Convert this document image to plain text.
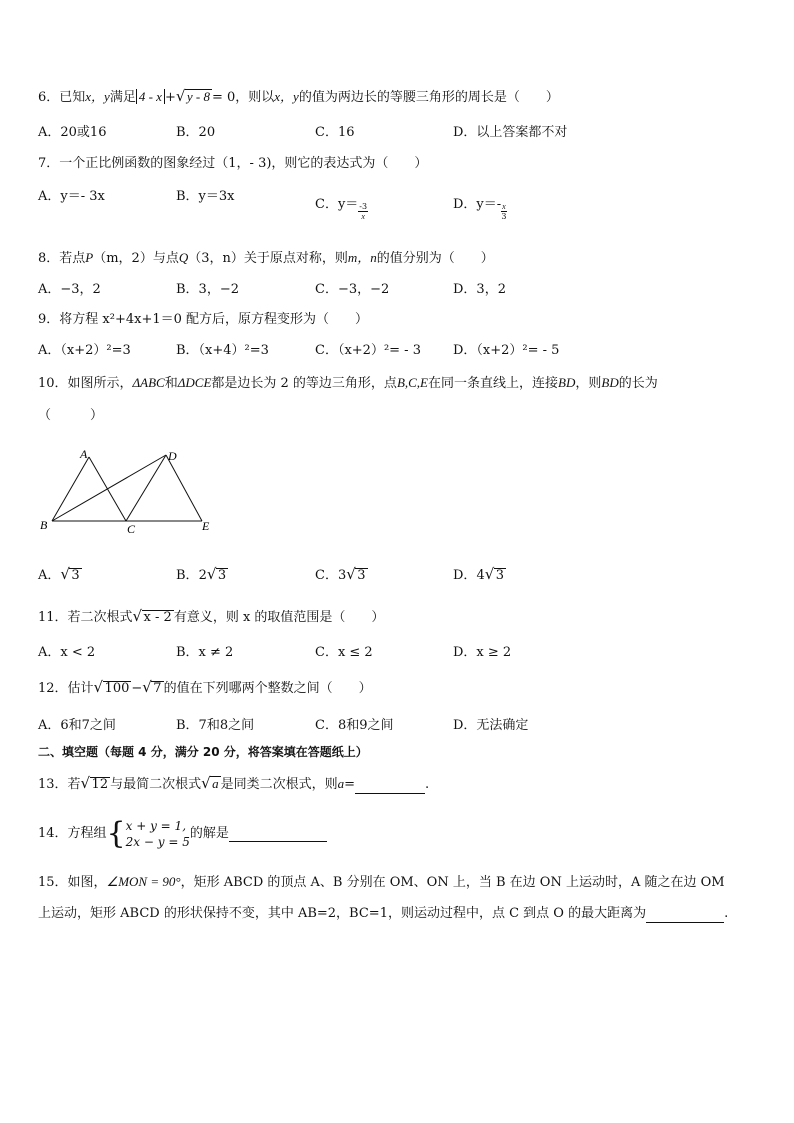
6．已知x，y满足 4 - x + √ y - 8 = 0，则以x，y的值为两边长的等腰三角形的周长是（　　）
A．20或16	B．20	C．16	D．以上答案都不对
7．一个正比例函数的图象经过（1，- 3)，则它的表达式为（　　）
A．y＝- 3x	B．y＝3x
C．$y= \frac{-3}{x}$	D．$y=- \frac{x}{3}$
8．若点P（m，2）与点Q（3，n）关于原点对称，则m，n的值分别为（　　）
A．−3，2	B．3，−2	C．−3，−2	D．3，2
9．将方程 x²+4x+1＝0 配方后，原方程变形为（　　）
A．（x+2）²=3	B．（x+4）²=3	C．（x+2）²= - 3 D．（x+2）²= - 5
10．如图所示，ΔABC和ΔDCE都是边长为 2 的等边三角形，点B,C,E在同一条直线上，连接BD，则BD的长为
（　　　）
A
B	C
D
E
A． √ 3	B．2 √ 3	C．3 √ 3	D．4 √ 3
11．若二次根式 √ x - 2 有意义，则 x 的取值范围是（　　）
A．x < 2	B．x ≠ 2	C．x ≤ 2	D．x ≥ 2
12．估计 √ 100 − √ 7 的值在下列哪两个整数之间（　　）
A．6和7之间	B．7和8之间	C．8和9之间	D．无法确定
二、填空题（每题 4 分，满分 20 分，将答案填在答题纸上）
13．若 √ 12 与最简二次根式 √ a 是同类二次根式，则a=	.
14．方程组{ x + y = 1,
2x − y = 5
的解是
15．如图，∠MON = 90°，矩形 ABCD 的顶点 A、B 分别在 OM、ON 上，当 B 在边 ON 上运动时，A 随之在边 OM
上运动，矩形 ABCD 的形状保持不变，其中 AB=2，BC=1，则运动过程中，点 C 到点 O 的最大距离为	.
